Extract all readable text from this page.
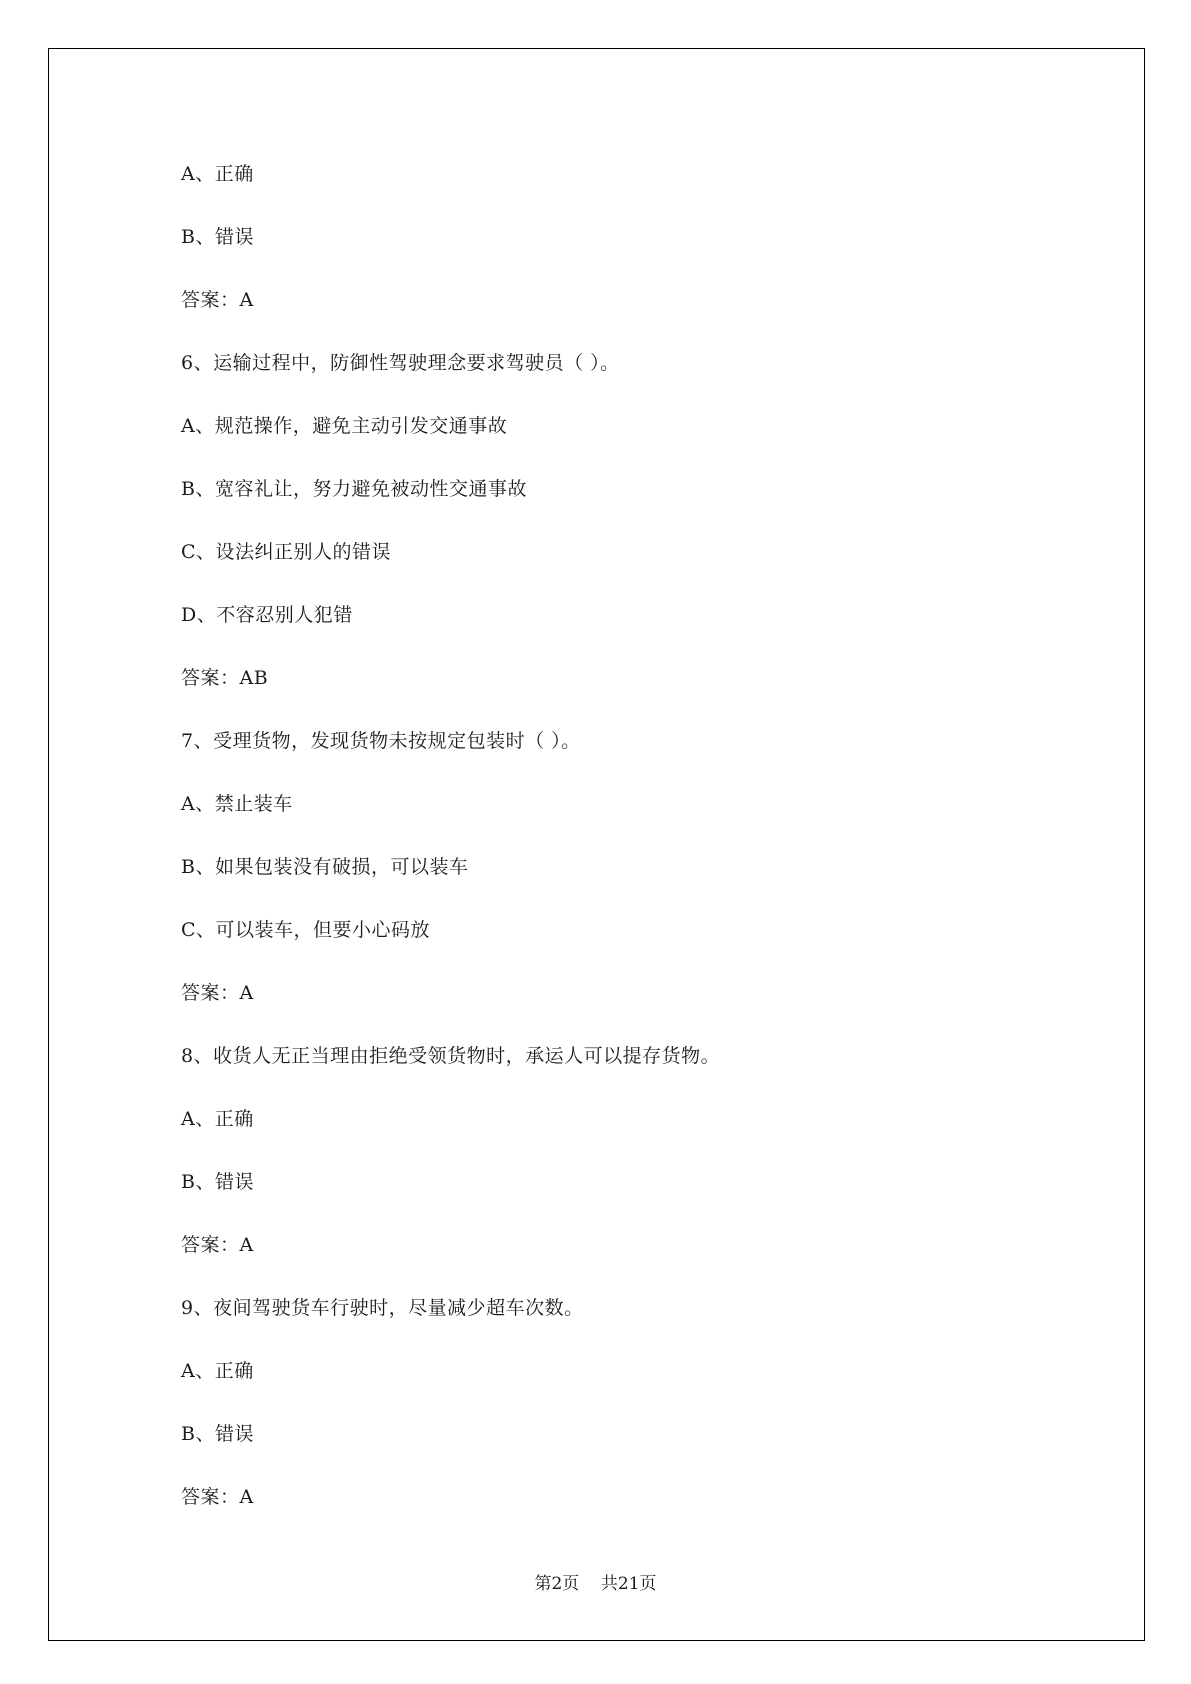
A、正确
B、错误
答案：A
6、运输过程中，防御性驾驶理念要求驾驶员（ ）。
A、规范操作，避免主动引发交通事故
B、宽容礼让，努力避免被动性交通事故
C、设法纠正别人的错误
D、不容忍别人犯错
答案：AB
7、受理货物，发现货物未按规定包装时（ ）。
A、禁止装车
B、如果包装没有破损，可以装车
C、可以装车，但要小心码放
答案：A
8、收货人无正当理由拒绝受领货物时，承运人可以提存货物。
A、正确
B、错误
答案：A
9、夜间驾驶货车行驶时，尽量减少超车次数。
A、正确
B、错误
答案：A
第2页 共21页
